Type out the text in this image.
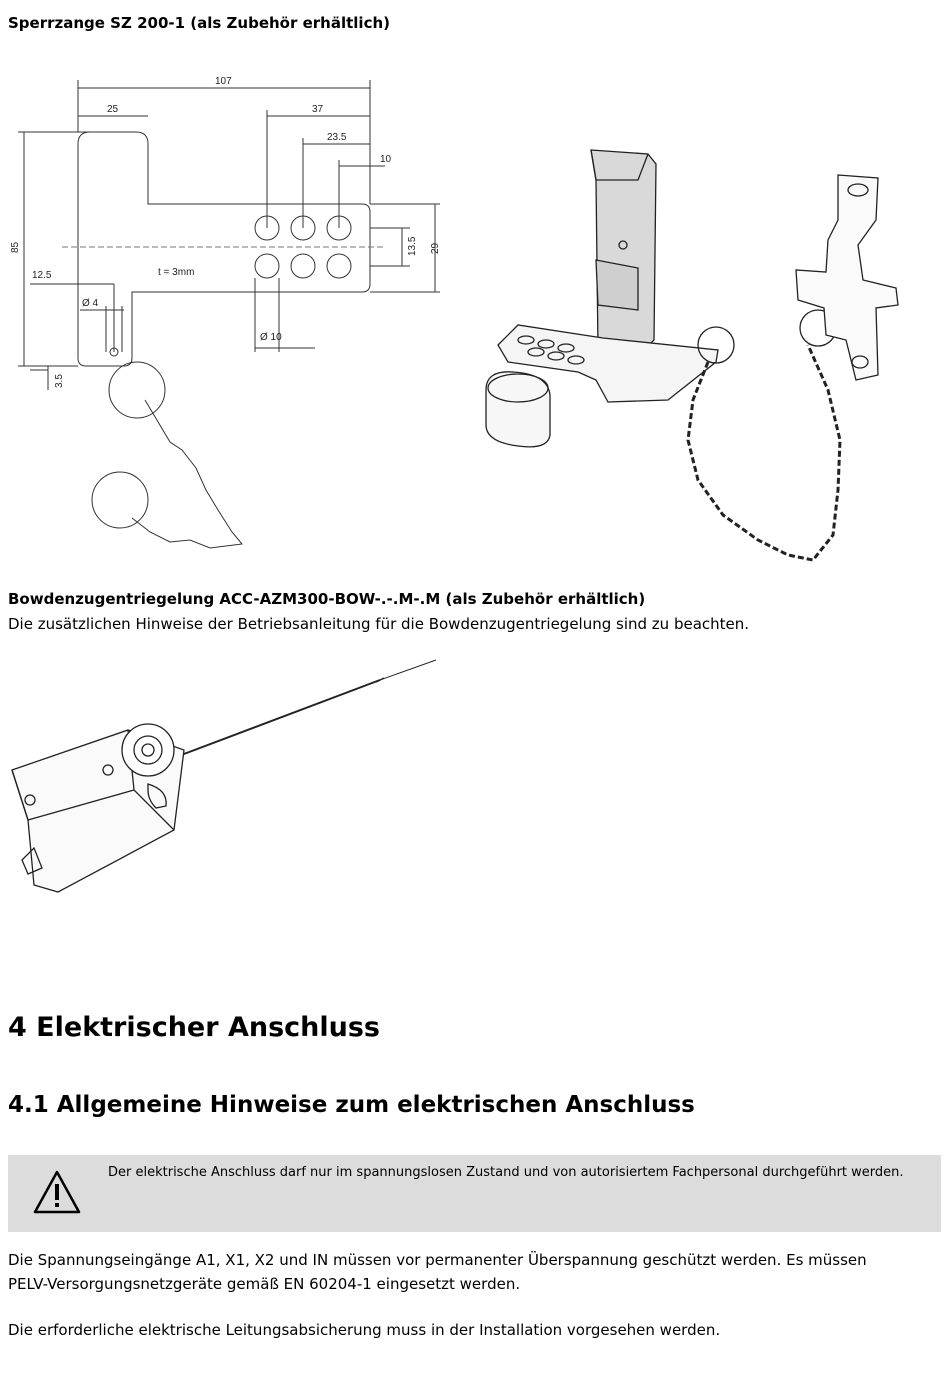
Sperrzange SZ 200-1 (als Zubehör erhältlich)
107
25	37
23.5
10
85
12.5	t = 3mm
13.5 29
Ø 4
Ø 10
3.5
Bowdenzugentriegelung ACC-AZM300-BOW-.-.M-.M (als Zubehör erhältlich)
Die zusätzlichen Hinweise der Betriebsanleitung für die Bowdenzugentriegelung sind zu beachten.
4 Elektrischer Anschluss
4.1 Allgemeine Hinweise zum elektrischen Anschluss
Der elektrische Anschluss darf nur im spannungslosen Zustand und von autorisiertem Fachpersonal durchgeführt werden.
Die Spannungseingänge A1, X1, X2 und IN müssen vor permanenter Überspannung geschützt werden. Es müssen
PELV-Versorgungsnetzgeräte gemäß EN 60204-1 eingesetzt werden.
Die erforderliche elektrische Leitungsabsicherung muss in der Installation vorgesehen werden.
